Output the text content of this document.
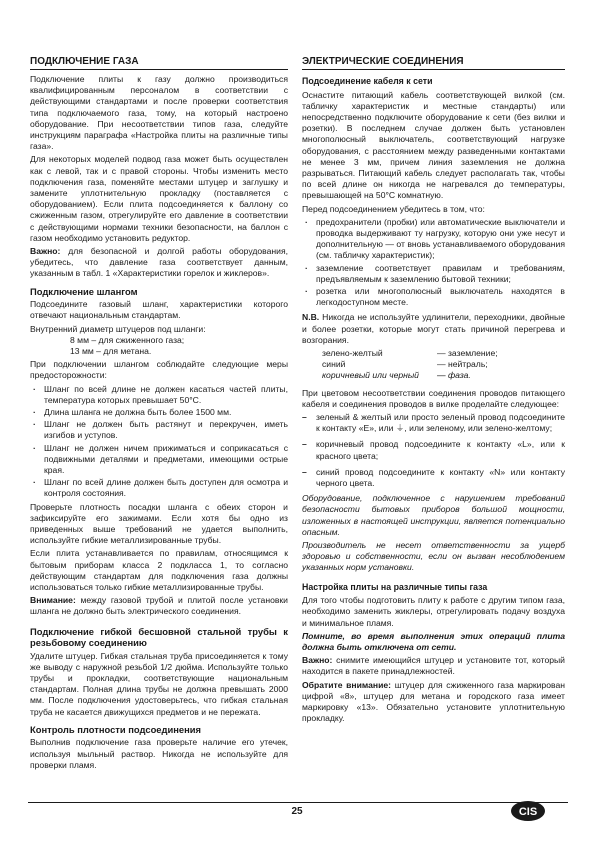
ПОДКЛЮЧЕНИЕ ГАЗА

Подключение плиты к газу должно производиться квалифицированным персоналом в соответствии с действующими стандартами и после проверки соответствия типа подключаемого газа, тому, на который настроено оборудование. При несоответствии типов газа, следуйте инструкциям параграфа «Настройка плиты на различные типы газа».

Для некоторых моделей подвод газа может быть осуществлен как с левой, так и с правой стороны. Чтобы изменить место подключения газа, поменяйте местами штуцер и заглушку и замените уплотнительную прокладку (поставляется с оборудованием). Если плита подсоединяется к баллону со сжиженным газом, отрегулируйте его давление в соответствии с действующими нормами техники безопасности, на баллон с газом необходимо установить редуктор.

Важно: для безопасной и долгой работы оборудования, убедитесь, что давление газа соответствует данным, указанным в табл. 1 «Характеристики горелок и жиклеров».

Подключение шлангом

Подсоедините газовый шланг, характеристики которого отвечают национальным стандартам.

Внутренний диаметр штуцеров под шланги:

8 мм – для сжиженного газа;

13 мм – для метана.

При подключении шлангом соблюдайте следующие меры предосторожности:

· Шланг по всей длине не должен касаться частей плиты, температура которых превышает 50°С.
· Длина шланга не должна быть более 1500 мм.
· Шланг не должен быть растянут и перекручен, иметь изгибов и уступов.
· Шланг не должен ничем прижиматься и соприкасаться с подвижными деталями и предметами, имеющими острые края.
· Шланг по всей длине должен быть доступен для осмотра и контроля состояния.

Проверьте плотность посадки шланга с обеих сторон и зафиксируйте его зажимами. Если хотя бы одно из приведенных выше требований не удается выполнить, используйте гибкие металлизированные трубы.

Если плита устанавливается по правилам, относящимся к бытовым приборам класса 2 подкласса 1, то согласно действующим стандартам для подключения газа должны использоваться только гибкие металлизированные трубы.

Внимание: между газовой трубой и плитой после установки шланга не должно быть электрического соединения.

Подключение гибкой бесшовной стальной трубы к резьбовому соединению

Удалите штуцер. Гибкая стальная труба присоединяется к тому же выводу с наружной резьбой 1/2 дюйма. Используйте только трубы и прокладки, соответствующие национальным стандартам. Полная длина трубы не должна превышать 2000 мм. После подключения удостоверьтесь, что гибкая стальная труба не касается движущихся предметов и не пережата.

Контроль плотности подсоединения

Выполнив подключение газа проверьте наличие его утечек, используя мыльный раствор. Никогда не используйте для проверки пламя.

ЭЛЕКТРИЧЕСКИЕ СОЕДИНЕНИЯ
Подсоединение кабеля к сети

Оснастите питающий кабель соответствующей вилкой (см. табличку характеристик и местные стандарты) или непосредственно подключите оборудование к сети (без вилки и розетки). В последнем случае должен быть установлен многополюсный выключатель, соответствующий нагрузке оборудования, с расстоянием между разведенными контактами не менее 3 мм, причем линия заземления не должна разрываться. Питающий кабель следует располагать так, чтобы по всей длине он никогда не нагревался до температуры, превышающей на 50°С комнатную.

Перед подсоединением убедитесь в том, что:

· предохранители (пробки) или автоматические выключатели и проводка выдерживают ту нагрузку, которую они уже несут и дополнительную — от вновь устанавливаемого оборудования (см. табличку характеристик);
· заземление соответствует правилам и требованиям, предъявляемым к заземлению бытовой техники;
· розетка или многополюсный выключатель находятся в легкодоступном месте.

N.B. Никогда не используйте удлинители, переходники, двойные и более розетки, которые могут стать причиной перегрева и возгорания.

зелено-желтый	— заземление;
синий	— нейтраль;
коричневый или черный	— фаза.

При цветовом несоответствии соединения проводов питающего кабеля и соединения проводов в вилке проделайте следующее:

– зеленый & желтый или просто зеленый провод подсоедините к контакту «E», или ⏚, или зеленому, или зелено-желтому;
– коричневый провод подсоедините к контакту «L», или к красного цвета;
– синий провод подсоедините к контакту «N» или контакту черного цвета.

Оборудование, подключенное с нарушением требований безопасности бытовых приборов большой мощности, изложенных в настоящей инструкции, является потенциально опасным.

Производитель не несет ответственности за ущерб здоровью и собственности, если он вызван несоблюдением указанных норм установки.

Настройка плиты на различные типы газа

Для того чтобы подготовить плиту к работе с другим типом газа, необходимо заменить жиклеры, отрегулировать подачу воздуха и минимальное пламя.

Помните, во время выполнения этих операций плита должна быть отключена от сети.

Важно: снимите имеющийся штуцер и установите тот, который находится в пакете принадлежностей.

Обратите внимание: штуцер для сжиженного газа маркирован цифрой «8», штуцер для метана и городского газа имеет маркировку «13». Обязательно установите уплотнительную прокладку.

25	CIS
